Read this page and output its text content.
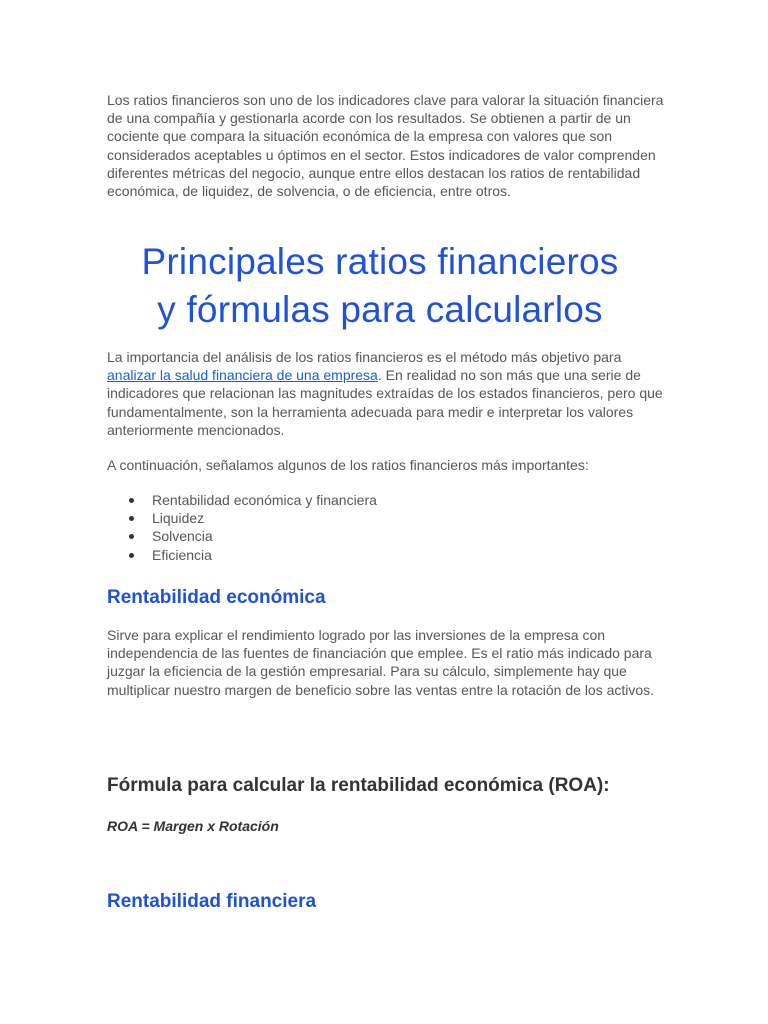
Los ratios financieros son uno de los indicadores clave para valorar la situación financiera de una compañía y gestionarla acorde con los resultados. Se obtienen a partir de un cociente que compara la situación económica de la empresa con valores que son considerados aceptables u óptimos en el sector. Estos indicadores de valor comprenden diferentes métricas del negocio, aunque entre ellos destacan los ratios de rentabilidad económica, de liquidez, de solvencia, o de eficiencia, entre otros.

Principales ratios financieros
y fórmulas para calcularlos

La importancia del análisis de los ratios financieros es el método más objetivo para analizar la salud financiera de una empresa. En realidad no son más que una serie de indicadores que relacionan las magnitudes extraídas de los estados financieros, pero que fundamentalmente, son la herramienta adecuada para medir e interpretar los valores anteriormente mencionados.

A continuación, señalamos algunos de los ratios financieros más importantes:

Rentabilidad económica y financiera
Liquidez
Solvencia
Eficiencia
Rentabilidad económica

Sirve para explicar el rendimiento logrado por las inversiones de la empresa con independencia de las fuentes de financiación que emplee. Es el ratio más indicado para juzgar la eficiencia de la gestión empresarial. Para su cálculo, simplemente hay que multiplicar nuestro margen de beneficio sobre las ventas entre la rotación de los activos.

Fórmula para calcular la rentabilidad económica (ROA):

ROA = Margen x Rotación

Rentabilidad financiera
